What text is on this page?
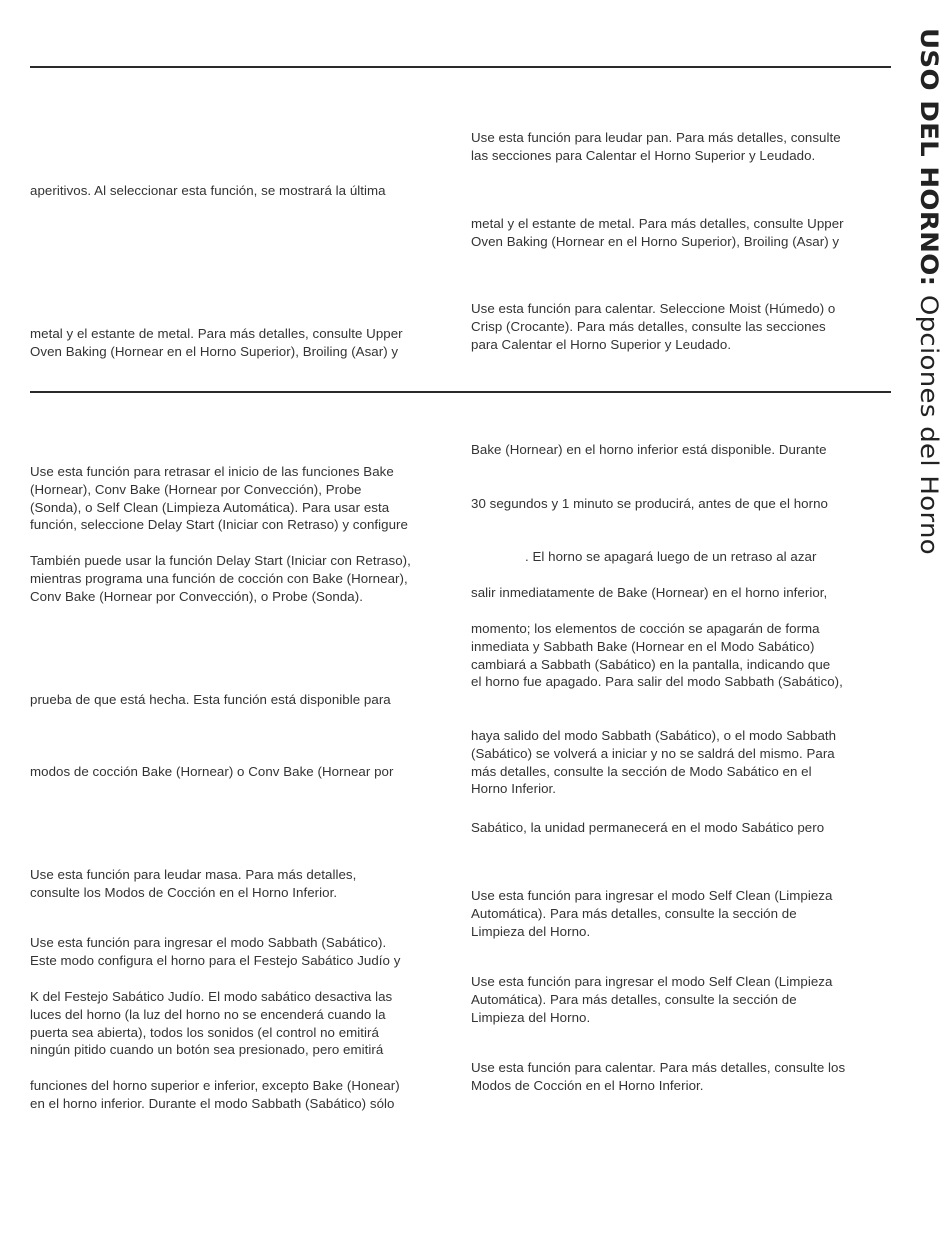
USO DEL HORNO: Opciones del Horno

aperitivos. Al seleccionar esta función, se mostrará la última

metal y el estante de metal. Para más detalles, consulte Upper
Oven Baking (Hornear en el Horno Superior), Broiling (Asar) y

Use esta función para leudar pan. Para más detalles, consulte
las secciones para Calentar el Horno Superior y Leudado.

metal y el estante de metal. Para más detalles, consulte Upper
Oven Baking (Hornear en el Horno Superior), Broiling (Asar) y

Use esta función para calentar. Seleccione Moist (Húmedo) o
Crisp (Crocante). Para más detalles, consulte las secciones
para Calentar el Horno Superior y Leudado.

Use esta función para retrasar el inicio de las funciones Bake
(Hornear), Conv Bake (Hornear por Convección), Probe
(Sonda), o Self Clean (Limpieza Automática). Para usar esta
función, seleccione Delay Start (Iniciar con Retraso) y configure

También puede usar la función Delay Start (Iniciar con Retraso),
mientras programa una función de cocción con Bake (Hornear),
Conv Bake (Hornear por Convección), o Probe (Sonda).

prueba de que está hecha. Esta función está disponible para

modos de cocción Bake (Hornear) o Conv Bake (Hornear por

Use esta función para leudar masa. Para más detalles,
consulte los Modos de Cocción en el Horno Inferior.

Use esta función para ingresar el modo Sabbath (Sabático).
Este modo configura el horno para el Festejo Sabático Judío y

K del Festejo Sabático Judío. El modo sabático desactiva las
luces del horno (la luz del horno no se encenderá cuando la
puerta sea abierta), todos los sonidos (el control no emitirá
ningún pitido cuando un botón sea presionado, pero emitirá

funciones del horno superior e inferior, excepto Bake (Honear)
en el horno inferior. Durante el modo Sabbath (Sabático) sólo

Bake (Hornear) en el horno inferior está disponible. Durante

30 segundos y 1 minuto se producirá, antes de que el horno

. El horno se apagará luego de un retraso al azar

salir inmediatamente de Bake (Hornear) en el horno inferior,

momento; los elementos de cocción se apagarán de forma
inmediata y Sabbath Bake (Hornear en el Modo Sabático)
cambiará a Sabbath (Sabático) en la pantalla, indicando que
el horno fue apagado. Para salir del modo Sabbath (Sabático),

haya salido del modo Sabbath (Sabático), o el modo Sabbath
(Sabático) se volverá a iniciar y no se saldrá del mismo. Para
más detalles, consulte la sección de Modo Sabático en el
Horno Inferior.

Sabático, la unidad permanecerá en el modo Sabático pero

Use esta función para ingresar el modo Self Clean (Limpieza
Automática). Para más detalles, consulte la sección de
Limpieza del Horno.

Use esta función para ingresar el modo Self Clean (Limpieza
Automática). Para más detalles, consulte la sección de
Limpieza del Horno.

Use esta función para calentar. Para más detalles, consulte los
Modos de Cocción en el Horno Inferior.
